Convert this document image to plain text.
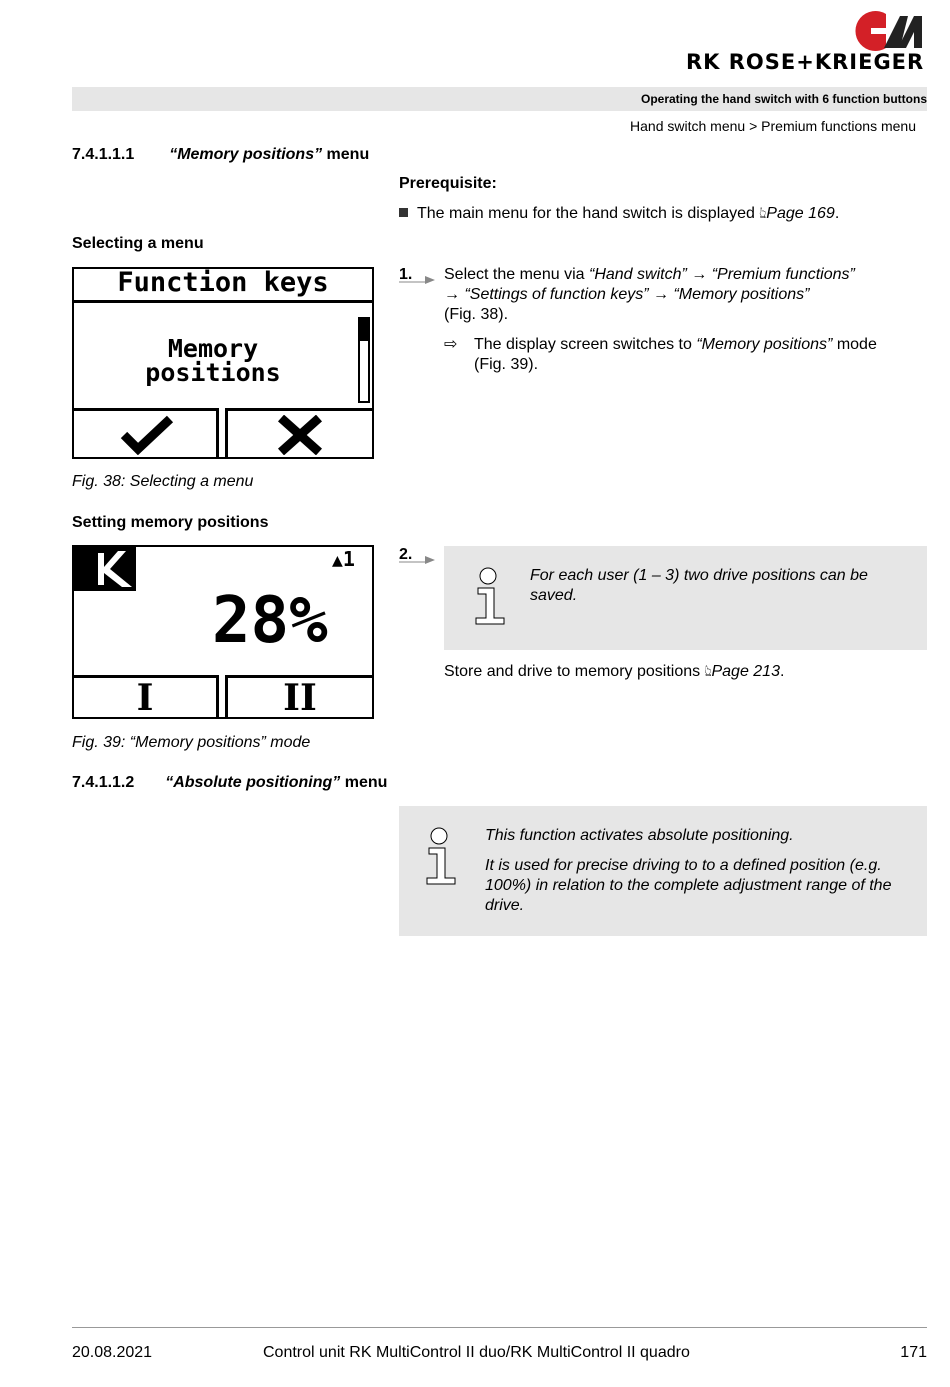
RK ROSE+KRIEGER
Operating the hand switch with 6 function buttons
Hand switch menu > Premium functions menu
7.4.1.1.1 “Memory positions” menu
Prerequisite:
The main menu for the hand switch is displayed 👆︎Page 169.
Selecting a menu
Function keys
Memory
positions
Fig. 38: Selecting a menu
1.	Select the menu via “Hand switch” → “Premium functions”
→ “Settings of function keys” → “Memory positions”
(Fig. 38).
⇨ The display screen switches to “Memory positions” mode
(Fig. 39).
Setting memory positions
▲1
28%
I	II
Fig. 39: “Memory positions” mode
2.
For each user (1 – 3) two drive positions can be saved.
Store and drive to memory positions 👆︎Page 213.
7.4.1.1.2 “Absolute positioning” menu
This function activates absolute positioning.
It is used for precise driving to to a defined position (e.g. 100%) in relation to the complete adjustment range of the drive.
20.08.2021	Control unit RK MultiControl II duo/RK MultiControl II quadro	171
